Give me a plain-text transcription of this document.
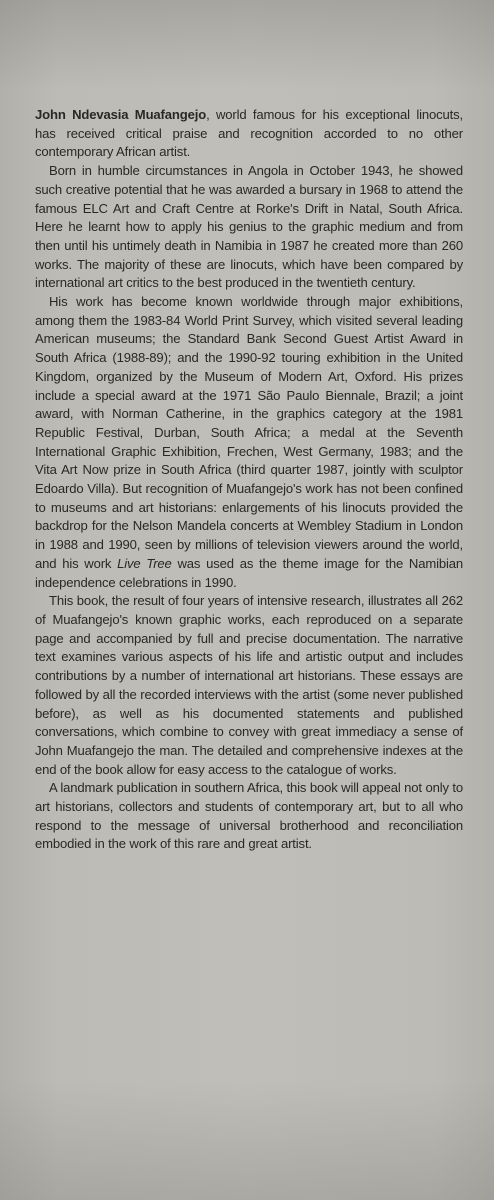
John Ndevasia Muafangejo, world famous for his exceptional linocuts, has received critical praise and recognition accorded to no other contemporary African artist.

Born in humble circumstances in Angola in October 1943, he showed such creative potential that he was awarded a bursary in 1968 to attend the famous ELC Art and Craft Centre at Rorke's Drift in Natal, South Africa. Here he learnt how to apply his genius to the graphic medium and from then until his untimely death in Namibia in 1987 he created more than 260 works. The majority of these are linocuts, which have been compared by international art critics to the best produced in the twentieth century.

His work has become known worldwide through major exhibitions, among them the 1983-84 World Print Survey, which visited several leading American museums; the Standard Bank Second Guest Artist Award in South Africa (1988-89); and the 1990-92 touring exhibition in the United Kingdom, organized by the Museum of Modern Art, Oxford. His prizes include a special award at the 1971 São Paulo Biennale, Brazil; a joint award, with Norman Catherine, in the graphics category at the 1981 Republic Festival, Durban, South Africa; a medal at the Seventh International Graphic Exhibition, Frechen, West Germany, 1983; and the Vita Art Now prize in South Africa (third quarter 1987, jointly with sculptor Edoardo Villa). But recognition of Muafangejo's work has not been confined to museums and art historians: enlargements of his linocuts provided the backdrop for the Nelson Mandela concerts at Wembley Stadium in London in 1988 and 1990, seen by millions of television viewers around the world, and his work Live Tree was used as the theme image for the Namibian independence celebrations in 1990.

This book, the result of four years of intensive research, illustrates all 262 of Muafangejo's known graphic works, each reproduced on a separate page and accompanied by full and precise documentation. The narrative text examines various aspects of his life and artistic output and includes contributions by a number of international art historians. These essays are followed by all the recorded interviews with the artist (some never published before), as well as his documented statements and published conversations, which combine to convey with great immediacy a sense of John Muafangejo the man. The detailed and comprehensive indexes at the end of the book allow for easy access to the catalogue of works.

A landmark publication in southern Africa, this book will appeal not only to art historians, collectors and students of contemporary art, but to all who respond to the message of universal brotherhood and reconciliation embodied in the work of this rare and great artist.
